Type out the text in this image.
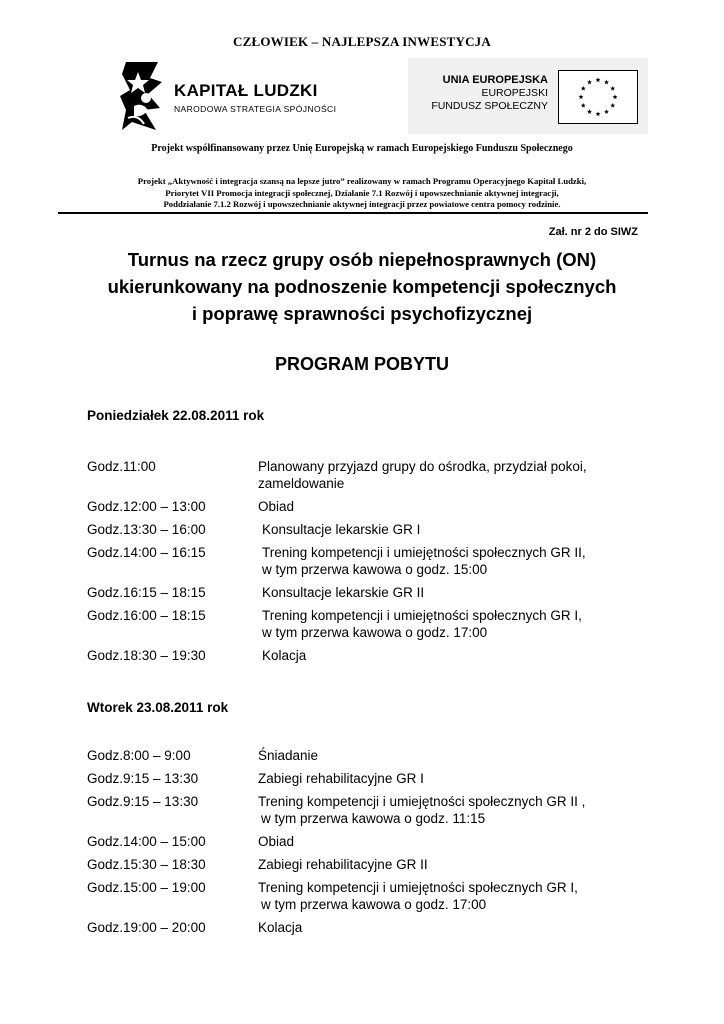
CZŁOWIEK – NAJLEPSZA INWESTYCJA
KAPITAŁ LUDZKI
NARODOWA STRATEGIA SPÓJNOŚCI
UNIA EUROPEJSKA
EUROPEJSKI
FUNDUSZ SPOŁECZNY
Projekt współfinansowany przez Unię Europejską w ramach Europejskiego Funduszu Społecznego
Projekt „Aktywność i integracja szansą na lepsze jutro” realizowany w ramach Programu Operacyjnego Kapitał Ludzki,
Priorytet VII Promocja integracji społecznej, Działanie 7.1 Rozwój i upowszechnianie aktywnej integracji,
Poddziałanie 7.1.2 Rozwój i upowszechnianie aktywnej integracji przez powiatowe centra pomocy rodzinie.
Zał. nr 2 do SIWZ
Turnus na rzecz grupy osób niepełnosprawnych (ON)
ukierunkowany na podnoszenie kompetencji społecznych
i poprawę sprawności psychofizycznej
PROGRAM POBYTU
Poniedziałek 22.08.2011 rok
Godz.11:00	Planowany przyjazd grupy do ośrodka, przydział pokoi,
zameldowanie
Godz.12:00 – 13:00	Obiad
Godz.13:30 – 16:00	Konsultacje lekarskie GR I
Godz.14:00 – 16:15	Trening kompetencji i umiejętności społecznych GR II,
w tym przerwa kawowa o godz. 15:00
Godz.16:15 – 18:15	Konsultacje lekarskie GR II
Godz.16:00 – 18:15	Trening kompetencji i umiejętności społecznych GR I,
w tym przerwa kawowa o godz. 17:00
Godz.18:30 – 19:30	Kolacja
Wtorek 23.08.2011 rok
Godz.8:00 – 9:00	Śniadanie
Godz.9:15 – 13:30	Zabiegi rehabilitacyjne GR I
Godz.9:15 – 13:30	Trening kompetencji i umiejętności społecznych GR II ,
w tym przerwa kawowa o godz. 11:15
Godz.14:00 – 15:00	Obiad
Godz.15:30 – 18:30	Zabiegi rehabilitacyjne GR II
Godz.15:00 – 19:00	Trening kompetencji i umiejętności społecznych GR I,
w tym przerwa kawowa o godz. 17:00
Godz.19:00 – 20:00	Kolacja
